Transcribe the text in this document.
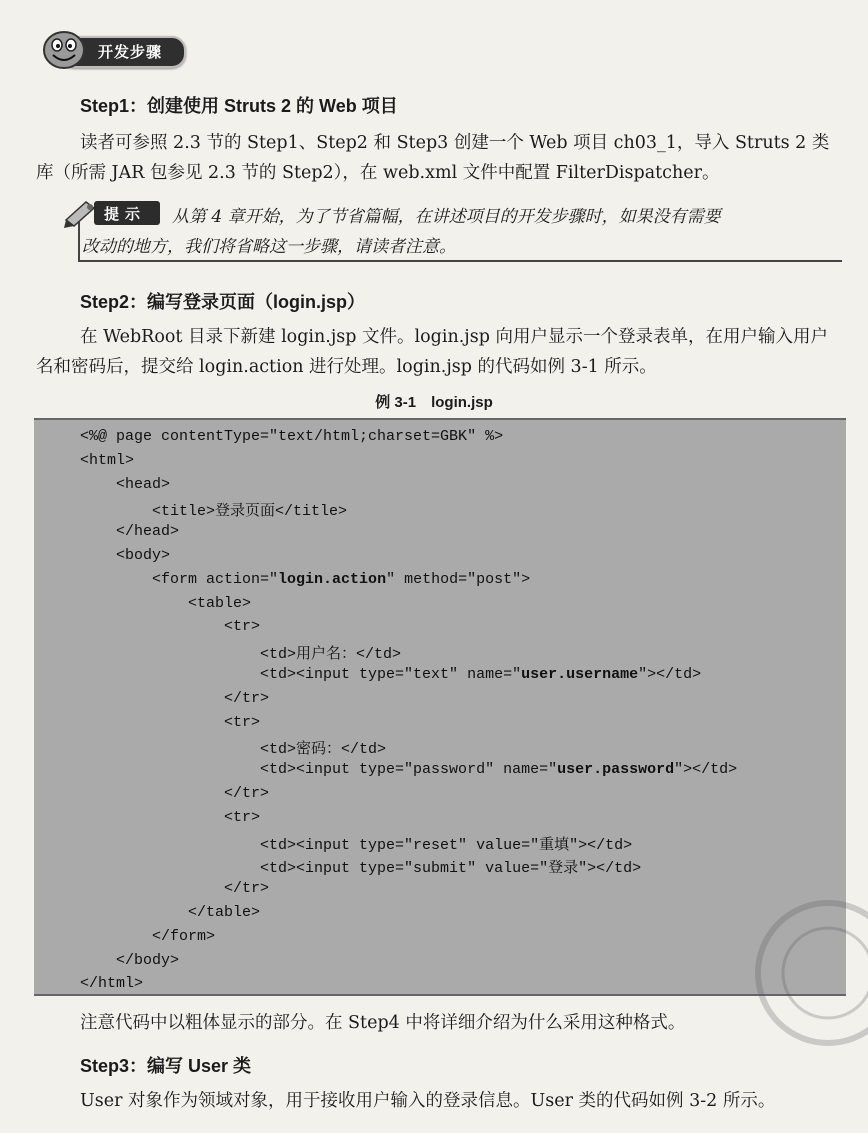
开发步骤
Step1：创建使用 Struts 2 的 Web 项目

读者可参照 2.3 节的 Step1、Step2 和 Step3 创建一个 Web 项目 ch03_1，导入 Struts 2 类库（所需 JAR 包参见 2.3 节的 Step2），在 web.xml 文件中配置 FilterDispatcher。

提示 从第 4 章开始，为了节省篇幅，在讲述项目的开发步骤时，如果没有需要
改动的地方，我们将省略这一步骤，请读者注意。
Step2：编写登录页面（login.jsp）

在 WebRoot 目录下新建 login.jsp 文件。login.jsp 向用户显示一个登录表单，在用户输入用户名和密码后，提交给 login.action 进行处理。login.jsp 的代码如例 3-1 所示。

例 3-1　login.jsp
<%@ page contentType="text/html;charset=GBK" %>
<html>
<head>
<title>登录页面</title>
</head>
<body>
<form action="login.action" method="post">
<table>
<tr>
<td>用户名：</td>
<td><input type="text" name="user.username"></td>
</tr>
<tr>
<td>密码：</td>
<td><input type="password" name="user.password"></td>
</tr>
<tr>
<td><input type="reset" value="重填"></td>
<td><input type="submit" value="登录"></td>
</tr>
</table>
</form>
</body>
</html>

注意代码中以粗体显示的部分。在 Step4 中将详细介绍为什么采用这种格式。

Step3：编写 User 类

User 对象作为领域对象，用于接收用户输入的登录信息。User 类的代码如例 3-2 所示。
